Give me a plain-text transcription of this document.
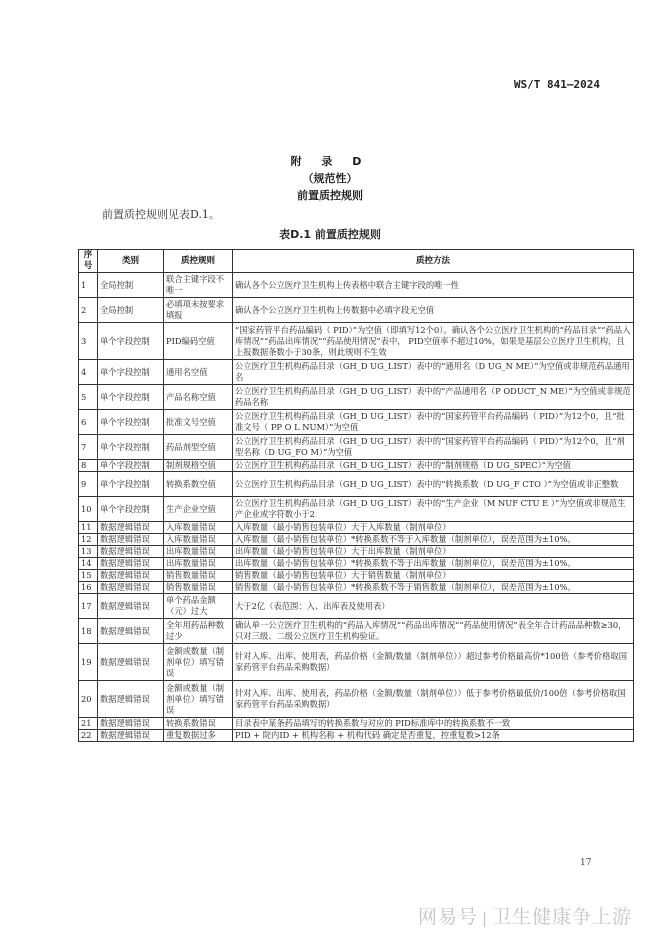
WS/T 841—2024
附 录 D
（规范性）
前置质控规则
前置质控规则见表D.1。
表D.1 前置质控规则
序号	类别	质控规则	质控方法
1	全局控制	联合主键字段不唯一	确认各个公立医疗卫生机构上传表格中联合主键字段的唯一性
2	全局控制	必填项未按要求填报	确认各个公立医疗卫生机构上传数据中必填字段无空值
3	单个字段控制	PID编码空值	“国家药管平台药品编码（ PID）”为空值（即填写12个0）。确认各个公立医疗卫生机构的“药品目录”“药品入库情况”“药品出库情况”“药品使用情况”表中， PID空值率不超过10%，如果是基层公立医疗卫生机构，且上报数据条数小于30条，则此规则不生效
4	单个字段控制	通用名空值	公立医疗卫生机构药品目录（GH_D UG_LIST）表中的“通用名（D UG_N ME）”为空值或非规范药品通用名
5	单个字段控制	产品名称空值	公立医疗卫生机构药品目录（GH_D UG_LIST）表中的“产品通用名（P ODUCT_N ME）”为空值或非规范药品名称
6	单个字段控制	批准文号空值	公立医疗卫生机构药品目录（GH_D UG_LIST）表中的“国家药管平台药品编码（ PID）”为12个0，且“批准文号（ PP O L NUM）”为空值
7	单个字段控制	药品剂型空值	公立医疗卫生机构药品目录（GH_D UG_LIST）表中的“国家药管平台药品编码（ PID）”为12个0，且“剂型名称（D UG_FO M）”为空值
8	单个字段控制	制剂规格空值	公立医疗卫生机构药品目录（GH_D UG_LIST）表中的“制剂规格（D UG_SPEC）”为空值
9	单个字段控制	转换系数空值	公立医疗卫生机构药品目录（GH_D UG_LIST）表中的“转换系数（D UG_F CTO ）”为空值或非正整数
10	单个字段控制	生产企业空值	公立医疗卫生机构药品目录（GH_D UG_LIST）表中的“生产企业（M NUF CTU E ）”为空值或非规范生产企业或字符数小于2
11	数据逻辑错误	入库数量错误	入库数量（最小销售包装单位）大于入库数量（制剂单位）
12	数据逻辑错误	入库数量错误	入库数量（最小销售包装单位）*转换系数不等于入库数量（制剂单位），误差范围为±10%。
13	数据逻辑错误	出库数量错误	出库数量（最小销售包装单位）大于出库数量（制剂单位）
14	数据逻辑错误	出库数量错误	出库数量（最小销售包装单位）*转换系数不等于出库数量（制剂单位），误差范围为±10%。
15	数据逻辑错误	销售数量错误	销售数量（最小销售包装单位）大于销售数量（制剂单位）
16	数据逻辑错误	销售数量错误	销售数量（最小销售包装单位）*转换系数不等于销售数量（制剂单位），误差范围为±10%。
17	数据逻辑错误	单个药品金额（元）过大	大于2亿（表范围：入、出库表及使用表）
18	数据逻辑错误	全年用药品种数过少	确认单一公立医疗卫生机构的“药品入库情况”“药品出库情况”“药品使用情况”表全年合计药品品种数≥30，只对三级、二级公立医疗卫生机构验证。
19	数据逻辑错误	金额或数量（制剂单位）填写错误	针对入库、出库、使用表，药品价格（金额/数量（制剂单位））超过参考价格最高价*100倍（参考价格取国家药管平台药品采购数据）
20	数据逻辑错误	金额或数量（制剂单位）填写错误	针对入库、出库、使用表，药品价格（金额/数量（制剂单位））低于参考价格最低价/100倍（参考价格取国家药管平台药品采购数据）
21	数据逻辑错误	转换系数错误	目录表中某条药品填写的转换系数与对应的 PID标准库中的转换系数不一致
22	数据逻辑错误	重复数据过多	PID + 院内ID + 机构名称 + 机构代码 确定是否重复，控重复数>12条
17
网易号 | 卫生健康争上游
